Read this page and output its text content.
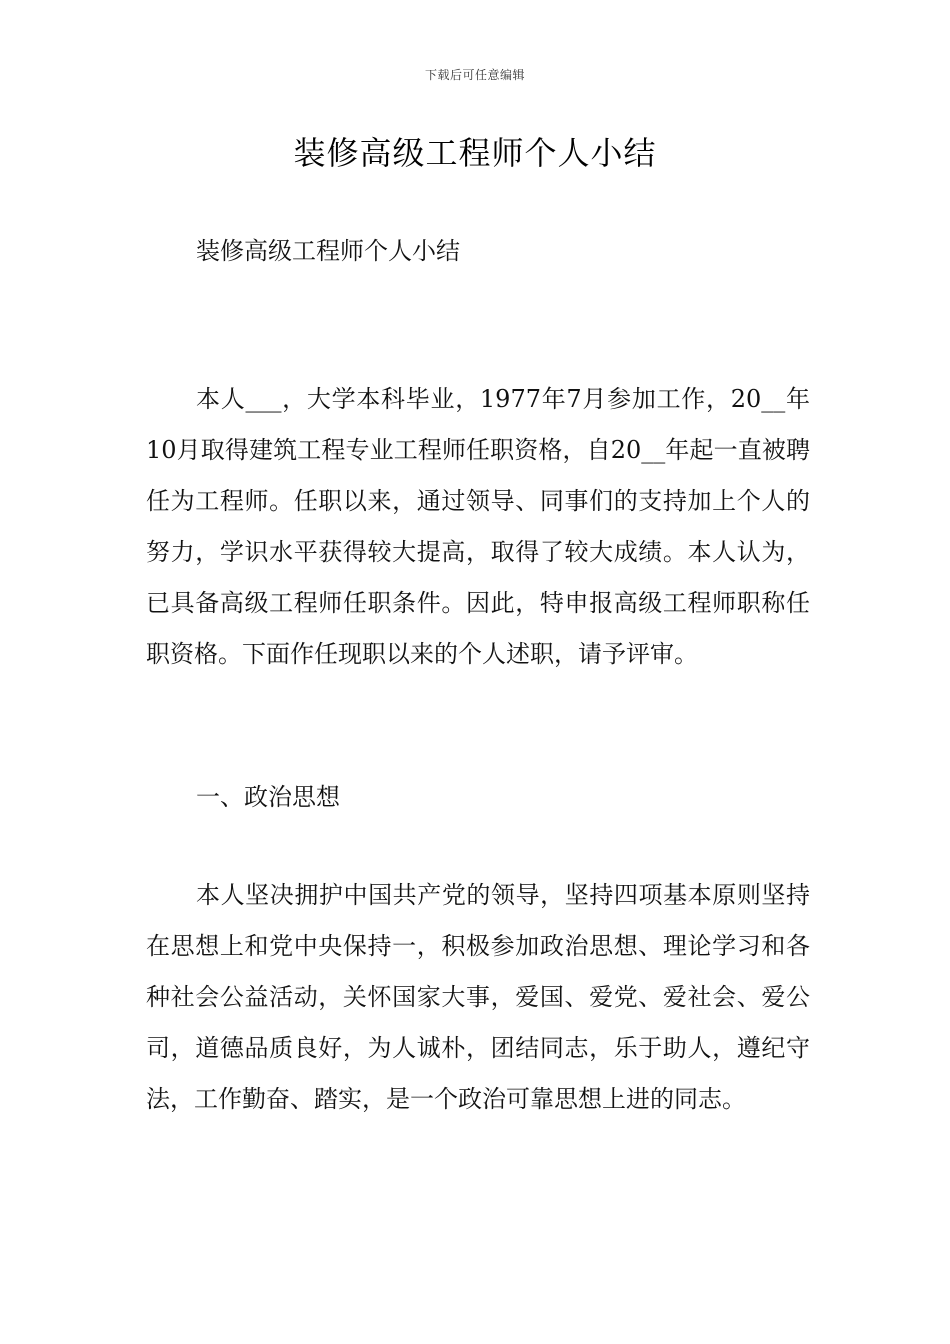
下载后可任意编辑
装修高级工程师个人小结

装修高级工程师个人小结

本人___，大学本科毕业，1977年7月参加工作，20__年10月取得建筑工程专业工程师任职资格，自20__年起一直被聘任为工程师。任职以来，通过领导、同事们的支持加上个人的努力，学识水平获得较大提高，取得了较大成绩。本人认为，已具备高级工程师任职条件。因此，特申报高级工程师职称任职资格。下面作任现职以来的个人述职，请予评审。

一、政治思想

本人坚决拥护中国共产党的领导，坚持四项基本原则坚持在思想上和党中央保持一，积极参加政治思想、理论学习和各种社会公益活动，关怀国家大事，爱国、爱党、爱社会、爱公司，道德品质良好，为人诚朴，团结同志，乐于助人，遵纪守法，工作勤奋、踏实，是一个政治可靠思想上进的同志。
